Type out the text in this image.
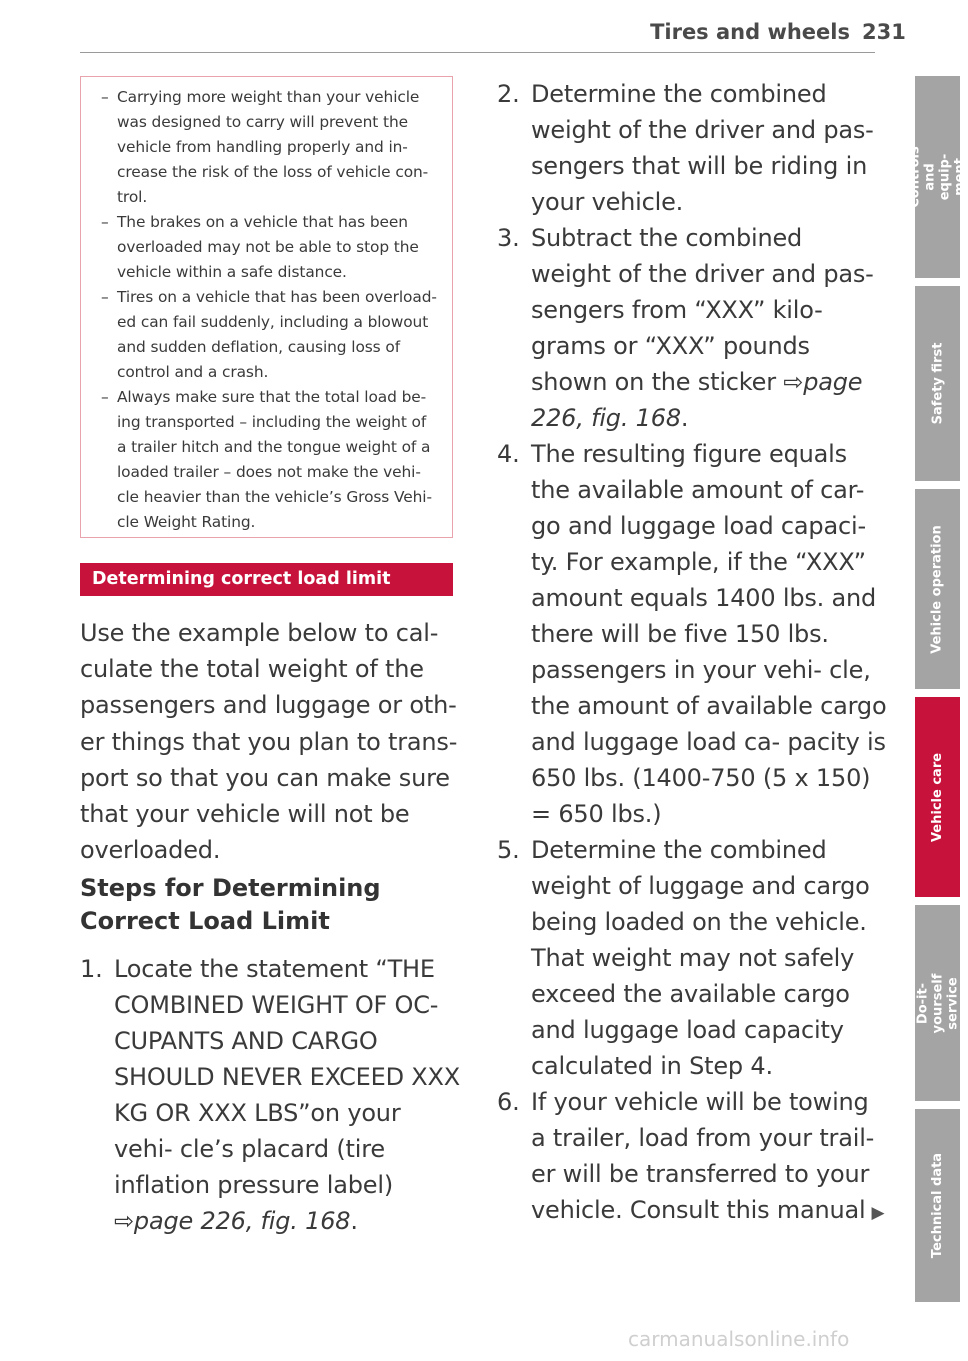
Tires and wheels 231
– Carrying more weight than your vehicle was designed to carry will prevent the vehicle from handling properly and in- crease the risk of the loss of vehicle con- trol.
– The brakes on a vehicle that has been overloaded may not be able to stop the vehicle within a safe distance.
– Tires on a vehicle that has been overload- ed can fail suddenly, including a blowout and sudden deflation, causing loss of control and a crash.
– Always make sure that the total load be- ing transported – including the weight of a trailer hitch and the tongue weight of a loaded trailer – does not make the vehi- cle heavier than the vehicle’s Gross Vehi- cle Weight Rating.
Determining correct load limit

Use the example below to cal- culate the total weight of the passengers and luggage or oth- er things that you plan to trans- port so that you can make sure that your vehicle will not be overloaded.

Steps for Determining Correct Load Limit
1. Locate the statement “THE COMBINED WEIGHT OF OC- CUPANTS AND CARGO SHOULD NEVER EXCEED XXX KG OR XXX LBS”on your vehi- cle’s placard (tire inflation pressure label) ⇨page 226, fig. 168.
2. Determine the combined weight of the driver and pas- sengers that will be riding in your vehicle.
3. Subtract the combined weight of the driver and pas- sengers from “XXX” kilo- grams or “XXX” pounds shown on the sticker ⇨page 226, fig. 168.
4. The resulting figure equals the available amount of car- go and luggage load capaci- ty. For example, if the “XXX” amount equals 1400 lbs. and there will be five 150 lbs. passengers in your vehi- cle, the amount of available cargo and luggage load ca- pacity is 650 lbs. (1400-750 (5 x 150) = 650 lbs.)
5. Determine the combined weight of luggage and cargo being loaded on the vehicle. That weight may not safely exceed the available cargo and luggage load capacity calculated in Step 4.
6. If your vehicle will be towing a trailer, load from your trail- er will be transferred to your vehicle. Consult this manual ▶
Controls and equip- ment
Safety first
Vehicle operation
Vehicle care
Do-it-yourself service
Technical data
carmanualsonline.info
